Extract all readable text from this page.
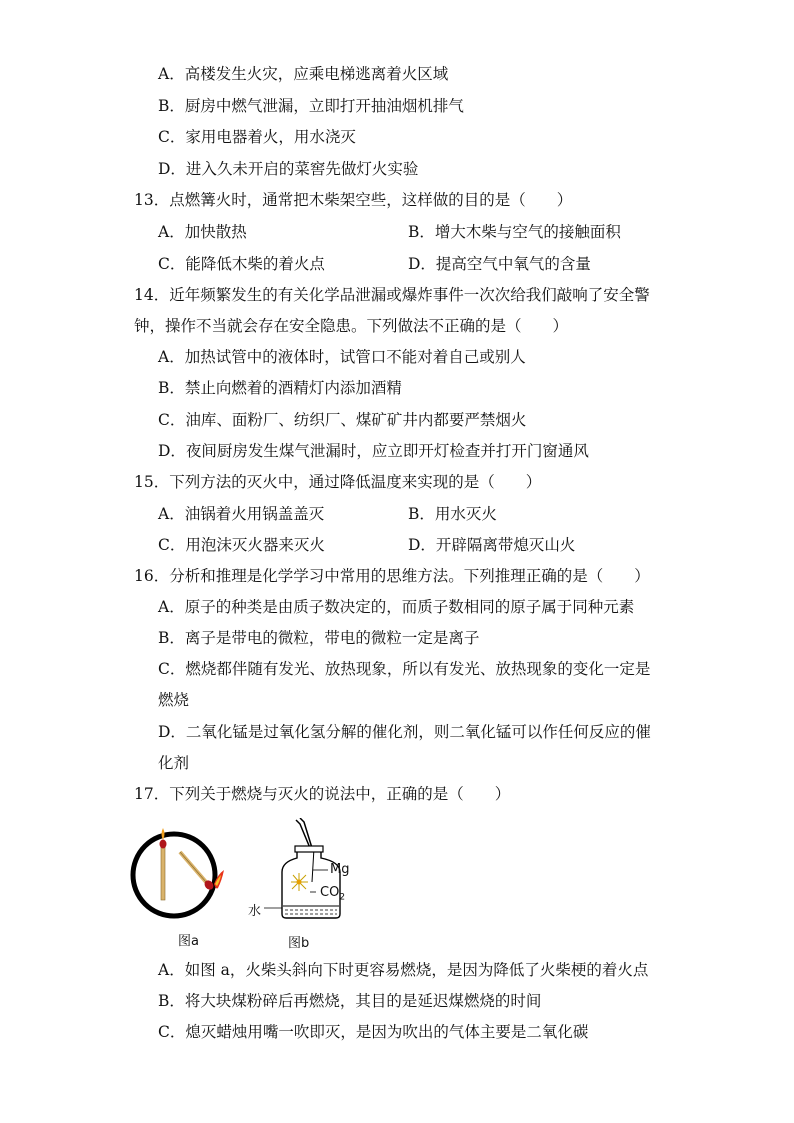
A．高楼发生火灾，应乘电梯逃离着火区域
B．厨房中燃气泄漏，立即打开抽油烟机排气
C．家用电器着火，用水浇灭
D．进入久未开启的菜窖先做灯火实验
13．点燃篝火时，通常把木柴架空些，这样做的目的是（　　）
A．加快散热	B．增大木柴与空气的接触面积
C．能降低木柴的着火点	D．提高空气中氧气的含量
14．近年频繁发生的有关化学品泄漏或爆炸事件一次次给我们敲响了安全警
钟，操作不当就会存在安全隐患。下列做法不正确的是（　　）
A．加热试管中的液体时，试管口不能对着自己或别人
B．禁止向燃着的酒精灯内添加酒精
C．油库、面粉厂、纺织厂、煤矿矿井内都要严禁烟火
D．夜间厨房发生煤气泄漏时，应立即开灯检查并打开门窗通风
15．下列方法的灭火中，通过降低温度来实现的是（　　）
A．油锅着火用锅盖盖灭	B．用水灭火
C．用泡沫灭火器来灭火	D．开辟隔离带熄灭山火
16．分析和推理是化学学习中常用的思维方法。下列推理正确的是（　　）
A．原子的种类是由质子数决定的，而质子数相同的原子属于同种元素
B．离子是带电的微粒，带电的微粒一定是离子
C．燃烧都伴随有发光、放热现象，所以有发光、放热现象的变化一定是
燃烧
D．二氧化锰是过氧化氢分解的催化剂，则二氧化锰可以作任何反应的催
化剂
17．下列关于燃烧与灭火的说法中，正确的是（　　）
Mg
$CO_2$
水
图a	图b
A．如图 a，火柴头斜向下时更容易燃烧，是因为降低了火柴梗的着火点
B．将大块煤粉碎后再燃烧，其目的是延迟煤燃烧的时间
C．熄灭蜡烛用嘴一吹即灭，是因为吹出的气体主要是二氧化碳
